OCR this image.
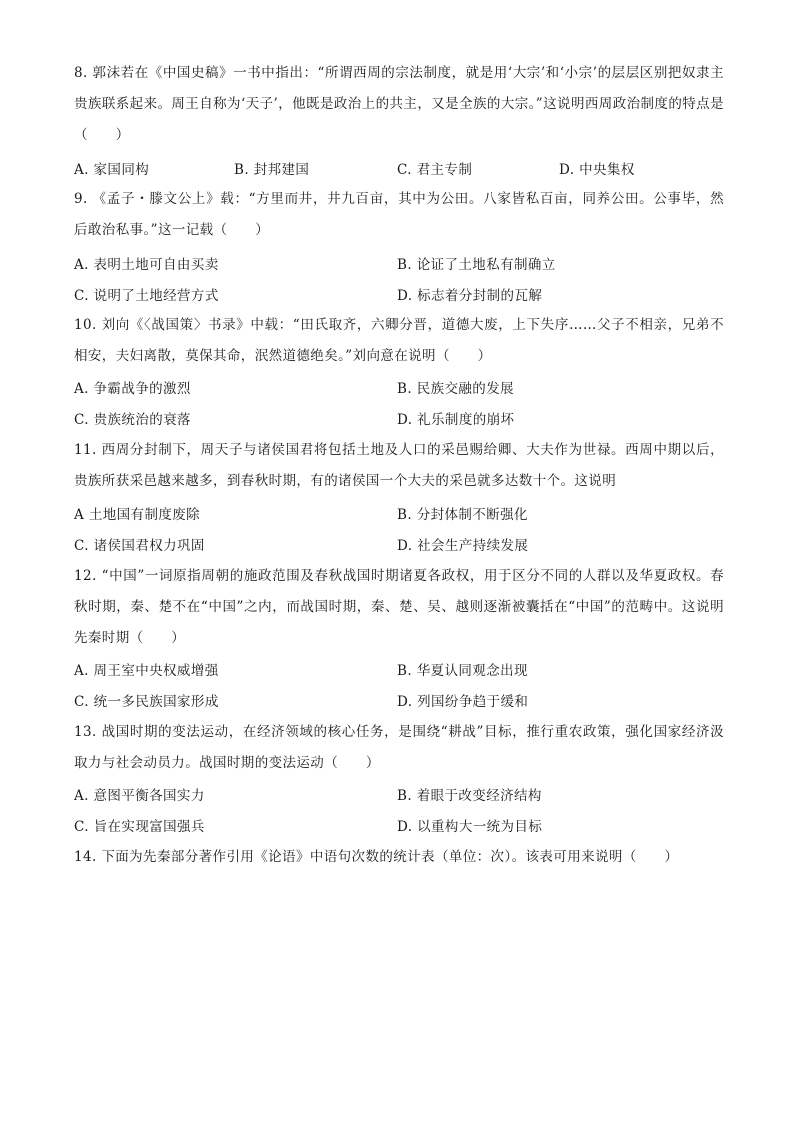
8. 郭沫若在《中国史稿》一书中指出：“所谓西周的宗法制度，就是用‘大宗’和‘小宗’的层层区别把奴隶主贵族联系起来。周王自称为‘天子’，他既是政治上的共主，又是全族的大宗。”这说明西周政治制度的特点是（　　）

A. 家国同构	B. 封邦建国	C. 君主专制	D. 中央集权

9. 《孟子・滕文公上》载：“方里而井，井九百亩，其中为公田。八家皆私百亩，同养公田。公事毕，然后敢治私事。”这一记载（　　）

A. 表明土地可自由买卖	B. 论证了土地私有制确立
C. 说明了土地经营方式	D. 标志着分封制的瓦解

10. 刘向《〈战国策〉书录》中载：“田氏取齐，六卿分晋，道德大废，上下失序……父子不相亲，兄弟不相安，夫妇离散，莫保其命，泯然道德绝矣。”刘向意在说明（　　）

A. 争霸战争的激烈	B. 民族交融的发展
C. 贵族统治的衰落	D. 礼乐制度的崩坏

11. 西周分封制下，周天子与诸侯国君将包括土地及人口的采邑赐给卿、大夫作为世禄。西周中期以后，贵族所获采邑越来越多，到春秋时期，有的诸侯国一个大夫的采邑就多达数十个。这说明

A 土地国有制度废除	B. 分封体制不断强化
C. 诸侯国君权力巩固	D. 社会生产持续发展

12. “中国”一词原指周朝的施政范围及春秋战国时期诸夏各政权，用于区分不同的人群以及华夏政权。春秋时期，秦、楚不在“中国”之内，而战国时期，秦、楚、吴、越则逐渐被囊括在“中国”的范畴中。这说明先秦时期（　　）

A. 周王室中央权威增强	B. 华夏认同观念出现
C. 统一多民族国家形成	D. 列国纷争趋于缓和

13. 战国时期的变法运动，在经济领域的核心任务，是围绕“耕战”目标，推行重农政策，强化国家经济汲取力与社会动员力。战国时期的变法运动（　　）

A. 意图平衡各国实力	B. 着眼于改变经济结构
C. 旨在实现富国强兵	D. 以重构大一统为目标

14. 下面为先秦部分著作引用《论语》中语句次数的统计表（单位：次）。该表可用来说明（　　）
